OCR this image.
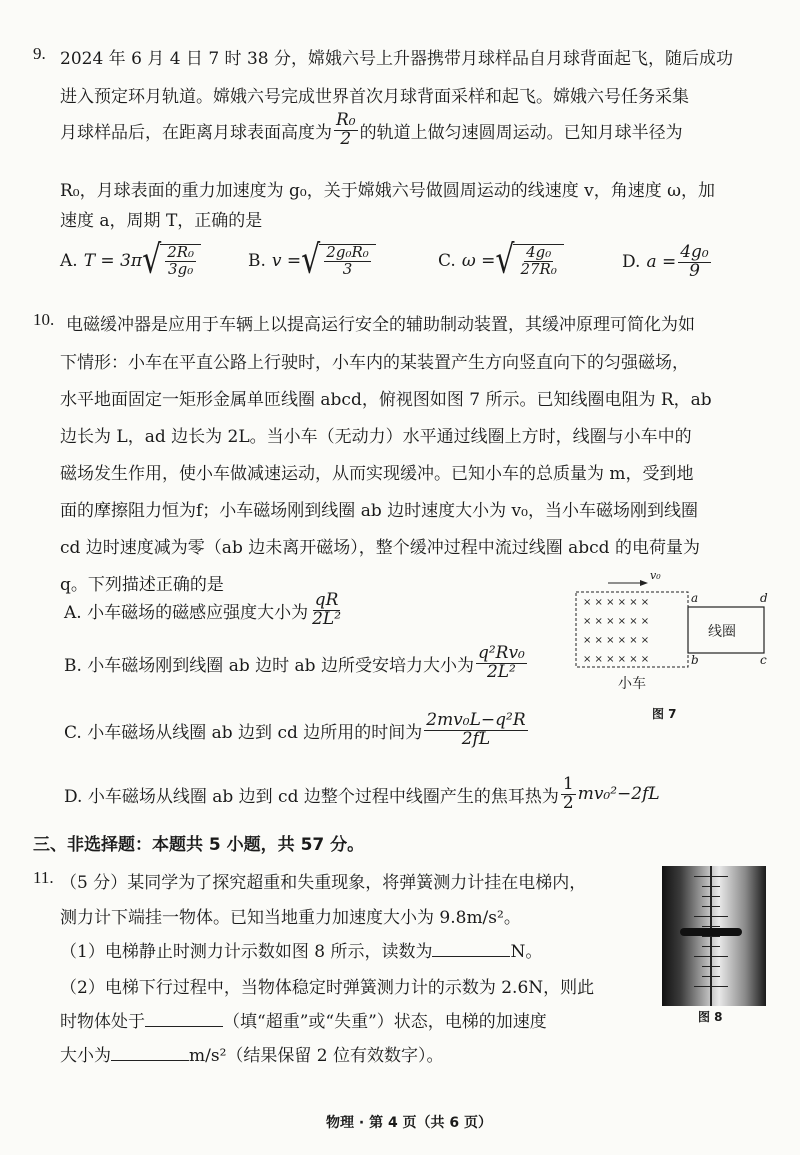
9. 2024 年 6 月 4 日 7 时 38 分，嫦娥六号上升器携带月球样品自月球背面起飞，随后成功
进入预定环月轨道。嫦娥六号完成世界首次月球背面采样和起飞。嫦娥六号任务采集
月球样品后，在距离月球表面高度为 $\frac{\text{R₀}}{2}$ 的轨道上做匀速圆周运动。已知月球半径为
R₀，月球表面的重力加速度为 g₀，关于嫦娥六号做圆周运动的线速度 v，角速度 ω，加
速度 a，周期 T，正确的是
A. T = 3π √ $\frac{\text{2R₀}}{\text{3g₀}}$	B. v = √ $\frac{\text{2g₀R₀}}{3}$	C. ω = √ $\frac{\text{4g₀}}{\text{27R₀}}$	D. $a = \frac{\text{4g₀}}{9}$
10. 电磁缓冲器是应用于车辆上以提高运行安全的辅助制动装置，其缓冲原理可简化为如
下情形：小车在平直公路上行驶时，小车内的某装置产生方向竖直向下的匀强磁场，
水平地面固定一矩形金属单匝线圈 abcd，俯视图如图 7 所示。已知线圈电阻为 R，ab
边长为 L，ad 边长为 2L。当小车（无动力）水平通过线圈上方时，线圈与小车中的
磁场发生作用，使小车做减速运动，从而实现缓冲。已知小车的总质量为 m，受到地
面的摩擦阻力恒为f；小车磁场刚到线圈 ab 边时速度大小为 v₀，当小车磁场刚到线圈
cd 边时速度减为零（ab 边未离开磁场），整个缓冲过程中流过线圈 abcd 的电荷量为
q。下列描述正确的是
A. 小车磁场的磁感应强度大小为 $\frac{qR}{\text{2L²}}$
B. 小车磁场刚到线圈 ab 边时 ab 边所受安培力大小为 $\frac{\text{q²Rv₀}}{\text{2L²}}$
C. 小车磁场从线圈 ab 边到 cd 边所用的时间为 $\frac{\text{2mv₀L−q²R}}{2fL}$
D. 小车磁场从线圈 ab 边到 cd 边整个过程中线圈产生的焦耳热为 $\frac{1}{2} mv_0^2-2fL$
× × × × × ×
× × × × × ×
× × × × × ×
× × × × × ×
v₀
a
b	c
d
线圈
小车
图 7
三、非选择题：本题共 5 小题，共 57 分。
11. （5 分）某同学为了探究超重和失重现象，将弹簧测力计挂在电梯内，
测力计下端挂一物体。已知当地重力加速度大小为 9.8m/s²。
（1）电梯静止时测力计示数如图 8 所示，读数为	N。
（2）电梯下行过程中，当物体稳定时弹簧测力计的示数为 2.6N，则此
时物体处于	（填“超重”或“失重”）状态，电梯的加速度
大小为	m/s²（结果保留 2 位有效数字）。
图 8
物理 · 第 4 页（共 6 页）
